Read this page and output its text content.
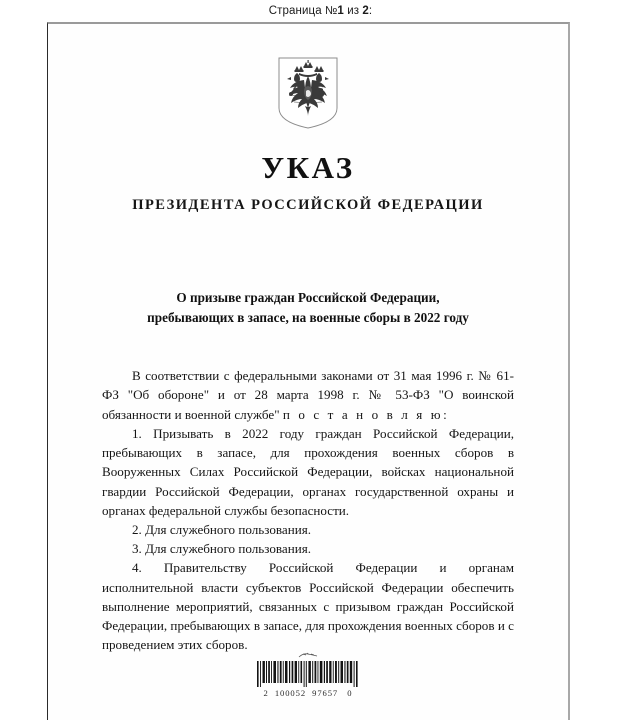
Страница №1 из 2:
УКАЗ
ПРЕЗИДЕНТА РОССИЙСКОЙ ФЕДЕРАЦИИ
О призыве граждан Российской Федерации,
пребывающих в запасе, на военные сборы в 2022 году

В соответствии с федеральными законами от 31 мая 1996 г. № 61-ФЗ "Об обороне" и от 28 марта 1998 г. № 53-ФЗ "О воинской обязанности и военной службе" п о с т а н о в л я ю:

1. Призывать в 2022 году граждан Российской Федерации, пребывающих в запасе, для прохождения военных сборов в Вооруженных Силах Российской Федерации, войсках национальной гвардии Российской Федерации, органах государственной охраны и органах федеральной службы безопасности.

2. Для служебного пользования.

3. Для служебного пользования.

4. Правительству Российской Федерации и органам исполнительной власти субъектов Российской Федерации обеспечить выполнение мероприятий, связанных с призывом граждан Российской Федерации, пребывающих в запасе, для прохождения военных сборов и с проведением этих сборов.

2  100052  97657   0
